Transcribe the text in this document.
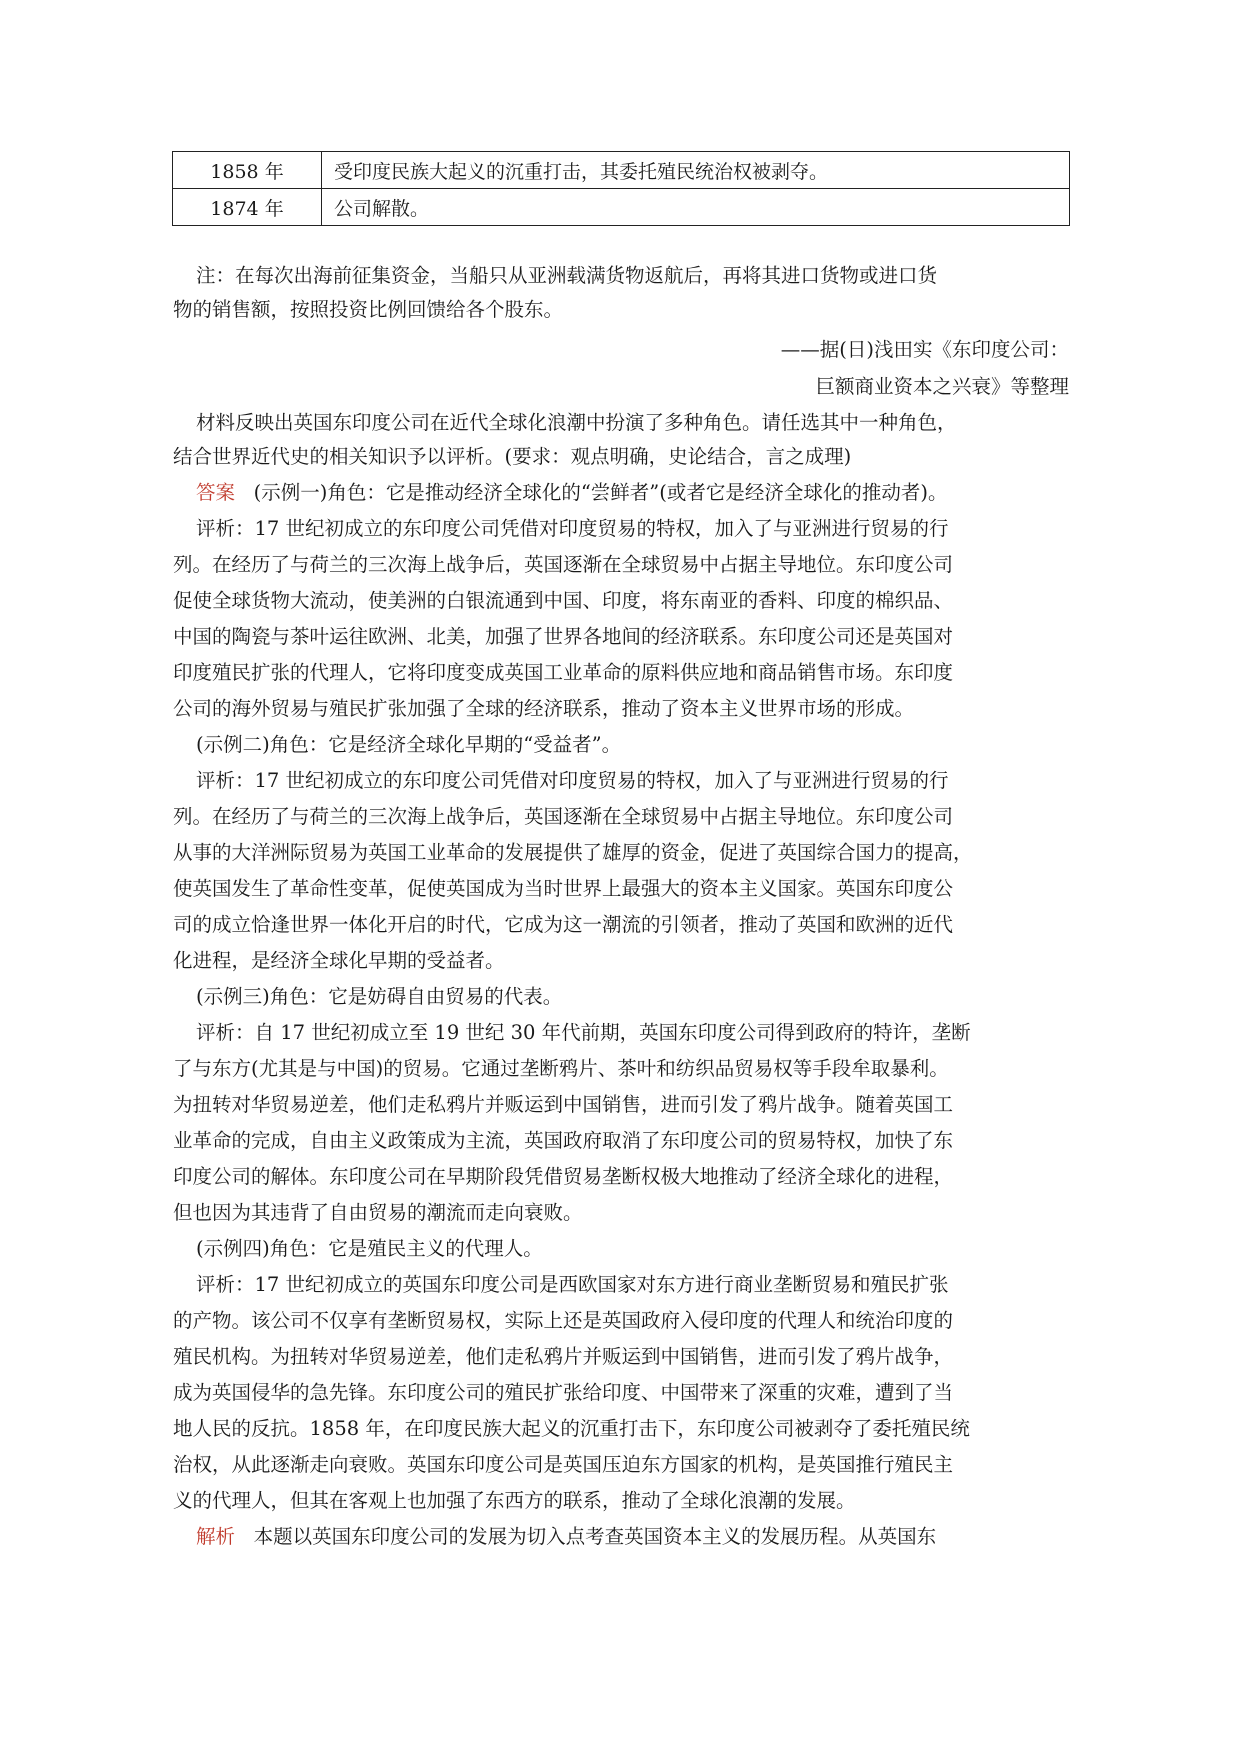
1858 年	受印度民族大起义的沉重打击，其委托殖民统治权被剥夺。
1874 年	公司解散。
注：在每次出海前征集资金，当船只从亚洲载满货物返航后，再将其进口货物或进口货
物的销售额，按照投资比例回馈给各个股东。
——据(日)浅田实《东印度公司：
巨额商业资本之兴衰》等整理
材料反映出英国东印度公司在近代全球化浪潮中扮演了多种角色。请任选其中一种角色，
结合世界近代史的相关知识予以评析。(要求：观点明确，史论结合，言之成理)
答案 (示例一)角色：它是推动经济全球化的“尝鲜者”(或者它是经济全球化的推动者)。
评析：17 世纪初成立的东印度公司凭借对印度贸易的特权，加入了与亚洲进行贸易的行
列。在经历了与荷兰的三次海上战争后，英国逐渐在全球贸易中占据主导地位。东印度公司
促使全球货物大流动，使美洲的白银流通到中国、印度，将东南亚的香料、印度的棉织品、
中国的陶瓷与茶叶运往欧洲、北美，加强了世界各地间的经济联系。东印度公司还是英国对
印度殖民扩张的代理人，它将印度变成英国工业革命的原料供应地和商品销售市场。东印度
公司的海外贸易与殖民扩张加强了全球的经济联系，推动了资本主义世界市场的形成。
(示例二)角色：它是经济全球化早期的“受益者”。
评析：17 世纪初成立的东印度公司凭借对印度贸易的特权，加入了与亚洲进行贸易的行
列。在经历了与荷兰的三次海上战争后，英国逐渐在全球贸易中占据主导地位。东印度公司
从事的大洋洲际贸易为英国工业革命的发展提供了雄厚的资金，促进了英国综合国力的提高，
使英国发生了革命性变革，促使英国成为当时世界上最强大的资本主义国家。英国东印度公
司的成立恰逢世界一体化开启的时代，它成为这一潮流的引领者，推动了英国和欧洲的近代
化进程，是经济全球化早期的受益者。
(示例三)角色：它是妨碍自由贸易的代表。
评析：自 17 世纪初成立至 19 世纪 30 年代前期，英国东印度公司得到政府的特许，垄断
了与东方(尤其是与中国)的贸易。它通过垄断鸦片、茶叶和纺织品贸易权等手段牟取暴利。
为扭转对华贸易逆差，他们走私鸦片并贩运到中国销售，进而引发了鸦片战争。随着英国工
业革命的完成，自由主义政策成为主流，英国政府取消了东印度公司的贸易特权，加快了东
印度公司的解体。东印度公司在早期阶段凭借贸易垄断权极大地推动了经济全球化的进程，
但也因为其违背了自由贸易的潮流而走向衰败。
(示例四)角色：它是殖民主义的代理人。
评析：17 世纪初成立的英国东印度公司是西欧国家对东方进行商业垄断贸易和殖民扩张
的产物。该公司不仅享有垄断贸易权，实际上还是英国政府入侵印度的代理人和统治印度的
殖民机构。为扭转对华贸易逆差，他们走私鸦片并贩运到中国销售，进而引发了鸦片战争，
成为英国侵华的急先锋。东印度公司的殖民扩张给印度、中国带来了深重的灾难，遭到了当
地人民的反抗。1858 年，在印度民族大起义的沉重打击下，东印度公司被剥夺了委托殖民统
治权，从此逐渐走向衰败。英国东印度公司是英国压迫东方国家的机构，是英国推行殖民主
义的代理人，但其在客观上也加强了东西方的联系，推动了全球化浪潮的发展。
解析 本题以英国东印度公司的发展为切入点考查英国资本主义的发展历程。从英国东
